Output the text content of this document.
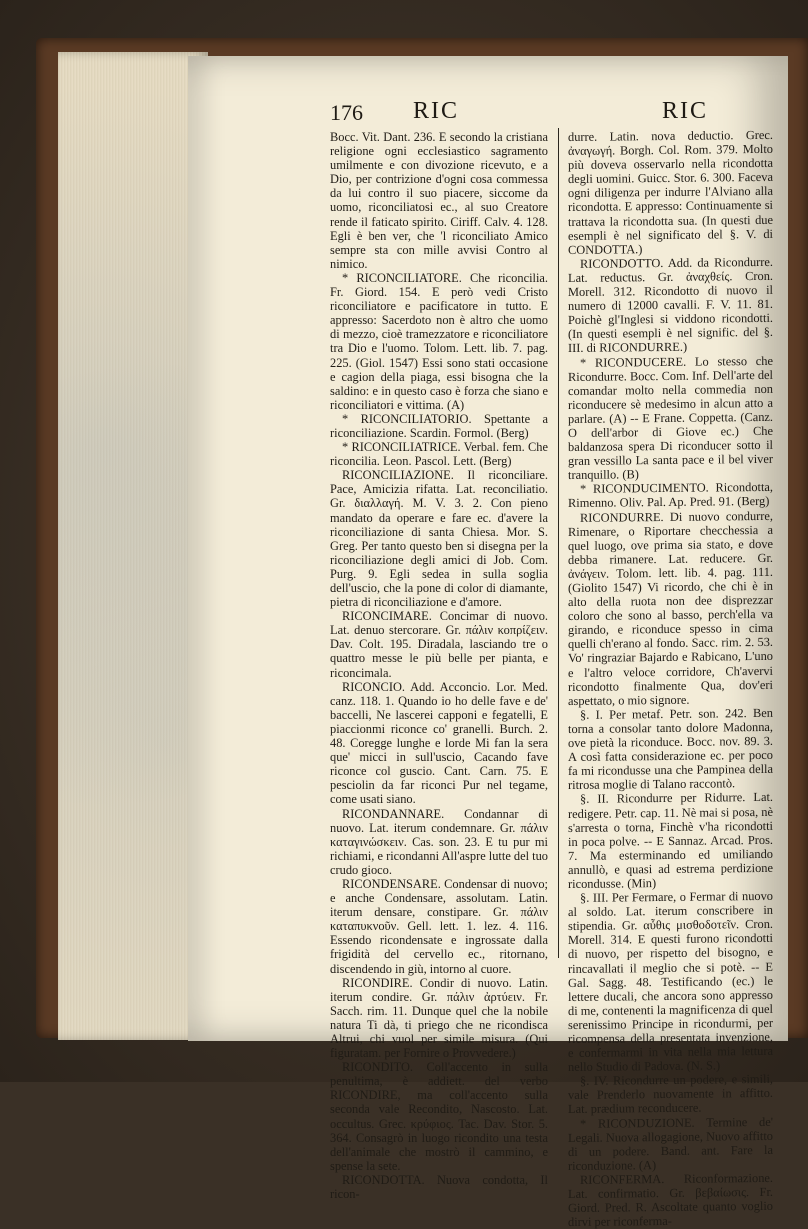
176 RIC	RIC

Bocc. Vit. Dant. 236. E secondo la cristiana religione ogni ecclesiastico sagramento umilmente e con divozione ricevuto, e a Dio, per contrizione d'ogni cosa commessa da lui contro il suo piacere, siccome da uomo, riconciliatosi ec., al suo Creatore rende il faticato spirito. Ciriff. Calv. 4. 128. Egli è ben ver, che 'l riconciliato Amico sempre sta con mille avvisi Contro al nimico.

* RICONCILIATORE. Che riconcilia. Fr. Giord. 154. E però vedi Cristo riconciliatore e pacificatore in tutto. E appresso: Sacerdoto non è altro che uomo di mezzo, cioè tramezzatore e riconciliatore tra Dio e l'uomo. Tolom. Lett. lib. 7. pag. 225. (Giol. 1547) Essi sono stati occasione e cagion della piaga, essi bisogna che la saldino: e in questo caso è forza che siano e riconciliatori e vittima. (A)

* RICONCILIATORIO. Spettante a riconciliazione. Scardin. Formol. (Berg)

* RICONCILIATRICE. Verbal. fem. Che riconcilia. Leon. Pascol. Lett. (Berg)

RICONCILIAZIONE. Il riconciliare. Pace, Amicizia rifatta. Lat. reconciliatio. Gr. διαλλαγή. M. V. 3. 2. Con pieno mandato da operare e fare ec. d'avere la riconciliazione di santa Chiesa. Mor. S. Greg. Per tanto questo ben si disegna per la riconciliazione degli amici di Job. Com. Purg. 9. Egli sedea in sulla soglia dell'uscio, che la pone di color di diamante, pietra di riconciliazione e d'amore.

RICONCIMARE. Concimar di nuovo. Lat. denuo stercorare. Gr. πάλιν κοπρίζειν. Dav. Colt. 195. Diradala, lasciando tre o quattro messe le più belle per pianta, e riconcimala.

RICONCIO. Add. Acconcio. Lor. Med. canz. 118. 1. Quando io ho delle fave e de' baccelli, Ne lascerei capponi e fegatelli, E piaccionmi riconce co' granelli. Burch. 2. 48. Coregge lunghe e lorde Mi fan la sera que' micci in sull'uscio, Cacando fave riconce col guscio. Cant. Carn. 75. E pesciolin da far riconci Pur nel tegame, come usati siano.

RICONDANNARE. Condannar di nuovo. Lat. iterum condemnare. Gr. πάλιν καταγινώσκειν. Cas. son. 23. E tu pur mi richiami, e ricondanni All'aspre lutte del tuo crudo gioco.

RICONDENSARE. Condensar di nuovo; e anche Condensare, assolutam. Latin. iterum densare, constipare. Gr. πάλιν καταπυκνοῦν. Gell. lett. 1. lez. 4. 116. Essendo ricondensate e ingrossate dalla frigidità del cervello ec., ritornano, discendendo in giù, intorno al cuore.

RICONDIRE. Condir di nuovo. Latin. iterum condire. Gr. πάλιν ἀρτύειν. Fr. Sacch. rim. 11. Dunque quel che la nobile natura Ti dà, ti priego che ne ricondisca Altrui, chi vuol per simile misura. (Qui figuratam. per Fornire o Provvedere.)

RICONDITO. Coll'accento in sulla penultima, è addiett. del verbo RICONDIRE, ma coll'accento sulla seconda vale Recondito, Nascosto. Lat. occultus. Grec. κρύφιος. Tac. Dav. Stor. 5. 364. Consagrò in luogo ricondito una testa dell'animale che mostrò il cammino, e spense la sete.

RICONDOTTA. Nuova condotta, Il ricon-

durre. Latin. nova deductio. Grec. ἀναγωγή. Borgh. Col. Rom. 379. Molto più doveva osservarlo nella ricondotta degli uomini. Guicc. Stor. 6. 300. Faceva ogni diligenza per indurre l'Alviano alla ricondotta. E appresso: Continuamente si trattava la ricondotta sua. (In questi due esempli è nel significato del §. V. di CONDOTTA.)

RICONDOTTO. Add. da Ricondurre. Lat. reductus. Gr. ἀναχθείς. Cron. Morell. 312. Ricondotto di nuovo il numero di 12000 cavalli. F. V. 11. 81. Poichè gl'Inglesi si viddono ricondotti. (In questi esempli è nel signific. del §. III. di RICONDURRE.)

* RICONDUCERE. Lo stesso che Ricondurre. Bocc. Com. Inf. Dell'arte del comandar molto nella commedia non riconducere sè medesimo in alcun atto a parlare. (A) -- E Frane. Coppetta. (Canz. O dell'arbor di Giove ec.) Che baldanzosa spera Di riconducer sotto il gran vessillo La santa pace e il bel viver tranquillo. (B)

* RICONDUCIMENTO. Ricondotta, Rimenno. Oliv. Pal. Ap. Pred. 91. (Berg)

RICONDURRE. Di nuovo condurre, Rimenare, o Riportare checchessia a quel luogo, ove prima sia stato, e dove debba rimanere. Lat. reducere. Gr. ἀνάγειν. Tolom. lett. lib. 4. pag. 111. (Giolito 1547) Vi ricordo, che chi è in alto della ruota non dee disprezzar coloro che sono al basso, perch'ella va girando, e riconduce spesso in cima quelli ch'erano al fondo. Sacc. rim. 2. 53. Vo' ringraziar Bajardo e Rabicano, L'uno e l'altro veloce corridore, Ch'avervi ricondotto finalmente Qua, dov'eri aspettato, o mio signore.

§. I. Per metaf. Petr. son. 242. Ben torna a consolar tanto dolore Madonna, ove pietà la riconduce. Bocc. nov. 89. 3. A così fatta considerazione ec. per poco fa mi ricondusse una che Pampinea della ritrosa moglie di Talano raccontò.

§. II. Ricondurre per Ridurre. Lat. redigere. Petr. cap. 11. Nè mai si posa, nè s'arresta o torna, Finchè v'ha ricondotti in poca polve. -- E Sannaz. Arcad. Pros. 7. Ma esterminando ed umiliando annullò, e quasi ad estrema perdizione ricondusse. (Min)

§. III. Per Fermare, o Fermar di nuovo al soldo. Lat. iterum conscribere in stipendia. Gr. αὖθις μισθοδοτεῖν. Cron. Morell. 314. E questi furono ricondotti di nuovo, per rispetto del bisogno, e rincavallati il meglio che si potè. -- E Gal. Sagg. 48. Testificando (ec.) le lettere ducali, che ancora sono appresso di me, contenenti la magnificenza di quel serenissimo Principe in ricondurmi, per ricompensa della presentata invenzione, e confermarmi in vita nella mia lettura nello Studio di Padova. (N. S.)

§. IV. Ricondurre un podere, e simili, vale Prenderlo nuovamente in affitto. Lat. prædium reconducere.

* RICONDUZIONE. Termine de' Legali. Nuova allogagione, Nuovo affitto di un podere. Band. ant. Fare la riconduzione. (A)

RICONFERMA. Riconformazione. Lat. confirmatio. Gr. βεβαίωσις. Fr. Giord. Pred. R. Ascoltate quanto voglio dirvi per riconferma-
